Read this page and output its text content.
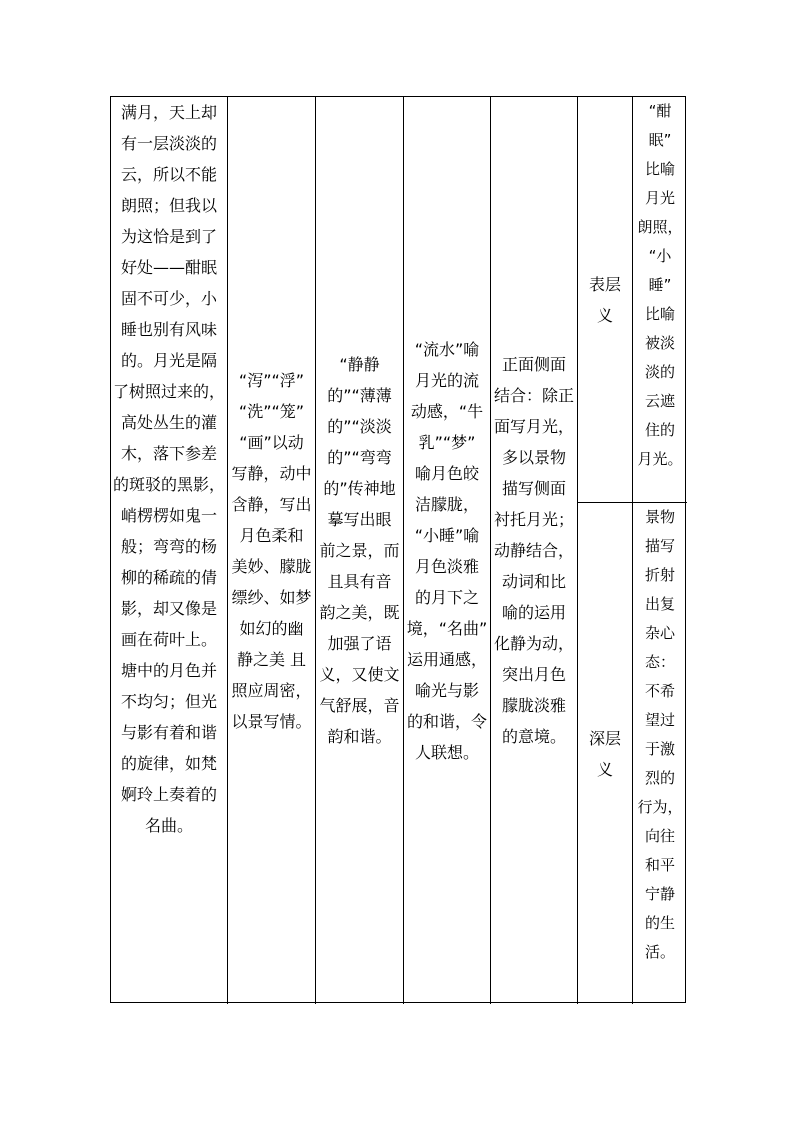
满月，天上却
有一层淡淡的
云，所以不能
朗照；但我以
为这恰是到了
好处——酣眠
固不可少，小
睡也别有风味
的。月光是隔
了树照过来的，
高处丛生的灌
木，落下参差
的斑驳的黑影，
峭楞楞如鬼一
般；弯弯的杨
柳的稀疏的倩
影，却又像是
画在荷叶上。
塘中的月色并
不均匀；但光
与影有着和谐
的旋律，如梵
婀玲上奏着的
名曲。
“泻”“浮”
“洗”“笼”
“画”以动
写静，动中
含静，写出
月色柔和
美妙、朦胧
缥纱、如梦
如幻的幽
静之美 且
照应周密，
以景写情。
“静静
的”“薄薄
的”“淡淡
的”“弯弯
的”传神地
摹写出眼
前之景，而
且具有音
韵之美，既
加强了语
义，又使文
气舒展，音
韵和谐。
“流水”喻
月光的流
动感，“牛
乳”“梦”
喻月色皎
洁朦胧，
“小睡”喻
月色淡雅
的月下之
境，“名曲”
运用通感，
喻光与影
的和谐，令
人联想。
正面侧面
结合：除正
面写月光，
多以景物
描写侧面
衬托月光；
动静结合，
动词和比
喻的运用
化静为动，
突出月色
朦胧淡雅
的意境。
表层
义
“酣
眠”
比喻
月光
朗照，
“小
睡”
比喻
被淡
淡的
云遮
住的
月光。
深层
义
景物
描写
折射
出复
杂心
态：
不希
望过
于激
烈的
行为，
向往
和平
宁静
的生
活。
